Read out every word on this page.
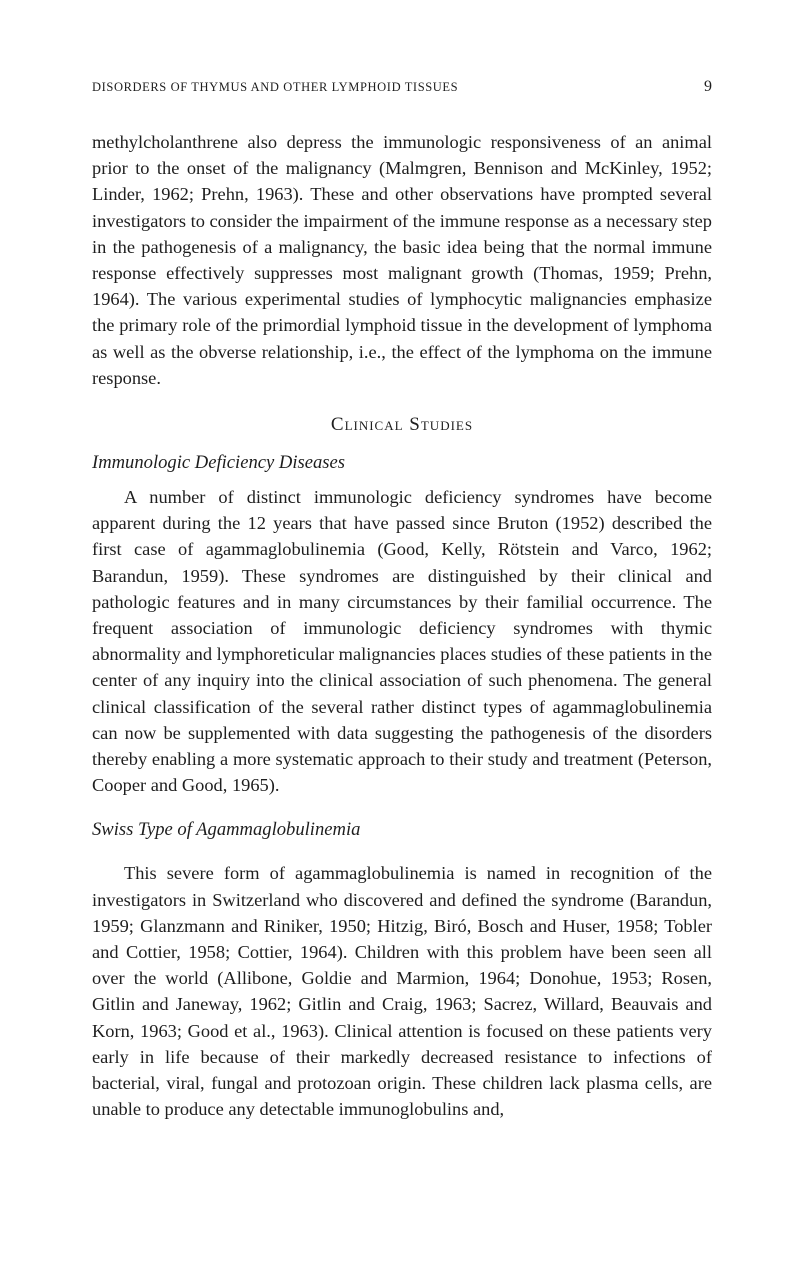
DISORDERS OF THYMUS AND OTHER LYMPHOID TISSUES	9

methylcholanthrene also depress the immunologic responsiveness of an animal prior to the onset of the malignancy (Malmgren, Bennison and McKinley, 1952; Linder, 1962; Prehn, 1963). These and other observations have prompted several investigators to consider the impairment of the immune response as a necessary step in the pathogenesis of a malignancy, the basic idea being that the normal immune response effectively suppresses most malignant growth (Thomas, 1959; Prehn, 1964). The various experimental studies of lymphocytic malignancies emphasize the primary role of the primordial lymphoid tissue in the development of lymphoma as well as the obverse relationship, i.e., the effect of the lymphoma on the immune response.

Clinical Studies
Immunologic Deficiency Diseases

A number of distinct immunologic deficiency syndromes have become apparent during the 12 years that have passed since Bruton (1952) described the first case of agammaglobulinemia (Good, Kelly, Rötstein and Varco, 1962; Barandun, 1959). These syndromes are distinguished by their clinical and pathologic features and in many circumstances by their familial occurrence. The frequent association of immunologic deficiency syndromes with thymic abnormality and lymphoreticular malignancies places studies of these patients in the center of any inquiry into the clinical association of such phenomena. The general clinical classification of the several rather distinct types of agammaglobulinemia can now be supplemented with data suggesting the pathogenesis of the disorders thereby enabling a more systematic approach to their study and treatment (Peterson, Cooper and Good, 1965).

Swiss Type of Agammaglobulinemia

This severe form of agammaglobulinemia is named in recognition of the investigators in Switzerland who discovered and defined the syndrome (Barandun, 1959; Glanzmann and Riniker, 1950; Hitzig, Biró, Bosch and Huser, 1958; Tobler and Cottier, 1958; Cottier, 1964). Children with this problem have been seen all over the world (Allibone, Goldie and Marmion, 1964; Donohue, 1953; Rosen, Gitlin and Janeway, 1962; Gitlin and Craig, 1963; Sacrez, Willard, Beauvais and Korn, 1963; Good et al., 1963). Clinical attention is focused on these patients very early in life because of their markedly decreased resistance to infections of bacterial, viral, fungal and protozoan origin. These children lack plasma cells, are unable to produce any detectable immunoglobulins and,
